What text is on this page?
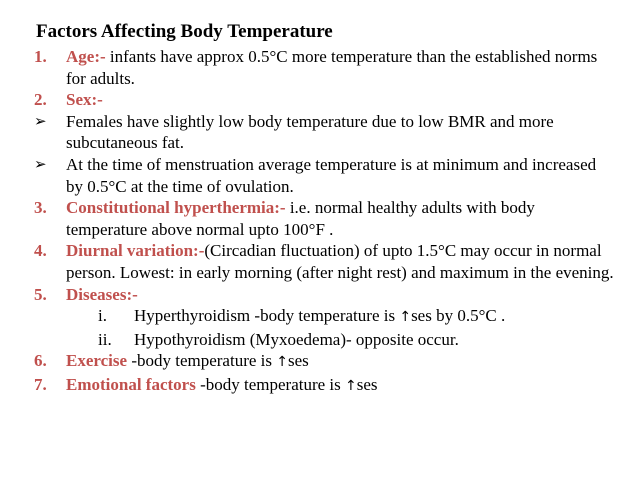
Factors Affecting Body Temperature
1.	Age:- infants have approx 0.5°C more temperature than the established norms for adults.
2.	Sex:-
➢	Females have slightly low body temperature due to low BMR and more subcutaneous fat.
➢	At the time of menstruation average temperature is at minimum and increased by 0.5°C at the time of ovulation.
3.	Constitutional hyperthermia:- i.e. normal healthy adults with body temperature above normal upto 100°F .
4.	Diurnal variation:-(Circadian fluctuation) of upto 1.5°C may occur in normal person. Lowest: in early morning (after night rest) and maximum in the evening.
5.	Diseases:-
i.	Hyperthyroidism -body temperature is ↑ses by 0.5°C .
ii.	Hypothyroidism (Myxoedema)- opposite occur.
6.	Exercise -body temperature is ↑ses
7.	Emotional factors -body temperature is ↑ses
